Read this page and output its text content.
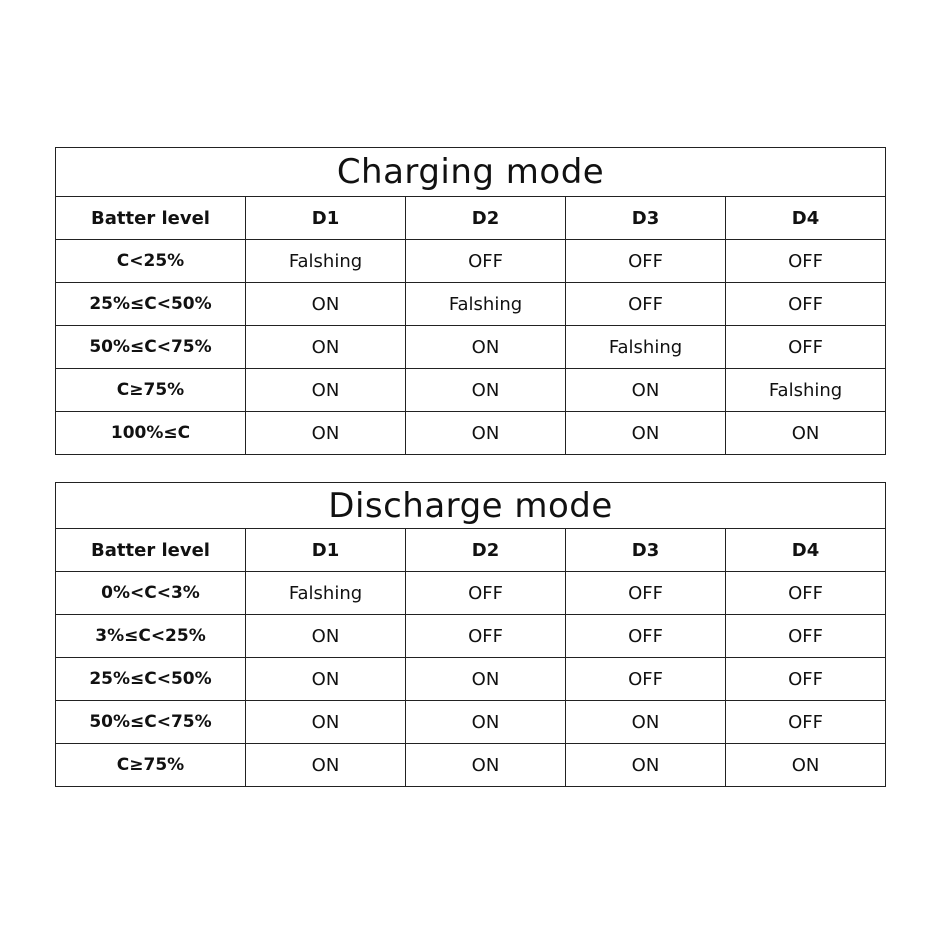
Charging mode				
Batter level	D1	D2	D3	D4
C<25%	Falshing	OFF	OFF	OFF
25%≤C<50%	ON	Falshing	OFF	OFF
50%≤C<75%	ON	ON	Falshing	OFF
C≥75%	ON	ON	ON	Falshing
100%≤C	ON	ON	ON	ON
Discharge mode				
Batter level	D1	D2	D3	D4
0%<C<3%	Falshing	OFF	OFF	OFF
3%≤C<25%	ON	OFF	OFF	OFF
25%≤C<50%	ON	ON	OFF	OFF
50%≤C<75%	ON	ON	ON	OFF
C≥75%	ON	ON	ON	ON
